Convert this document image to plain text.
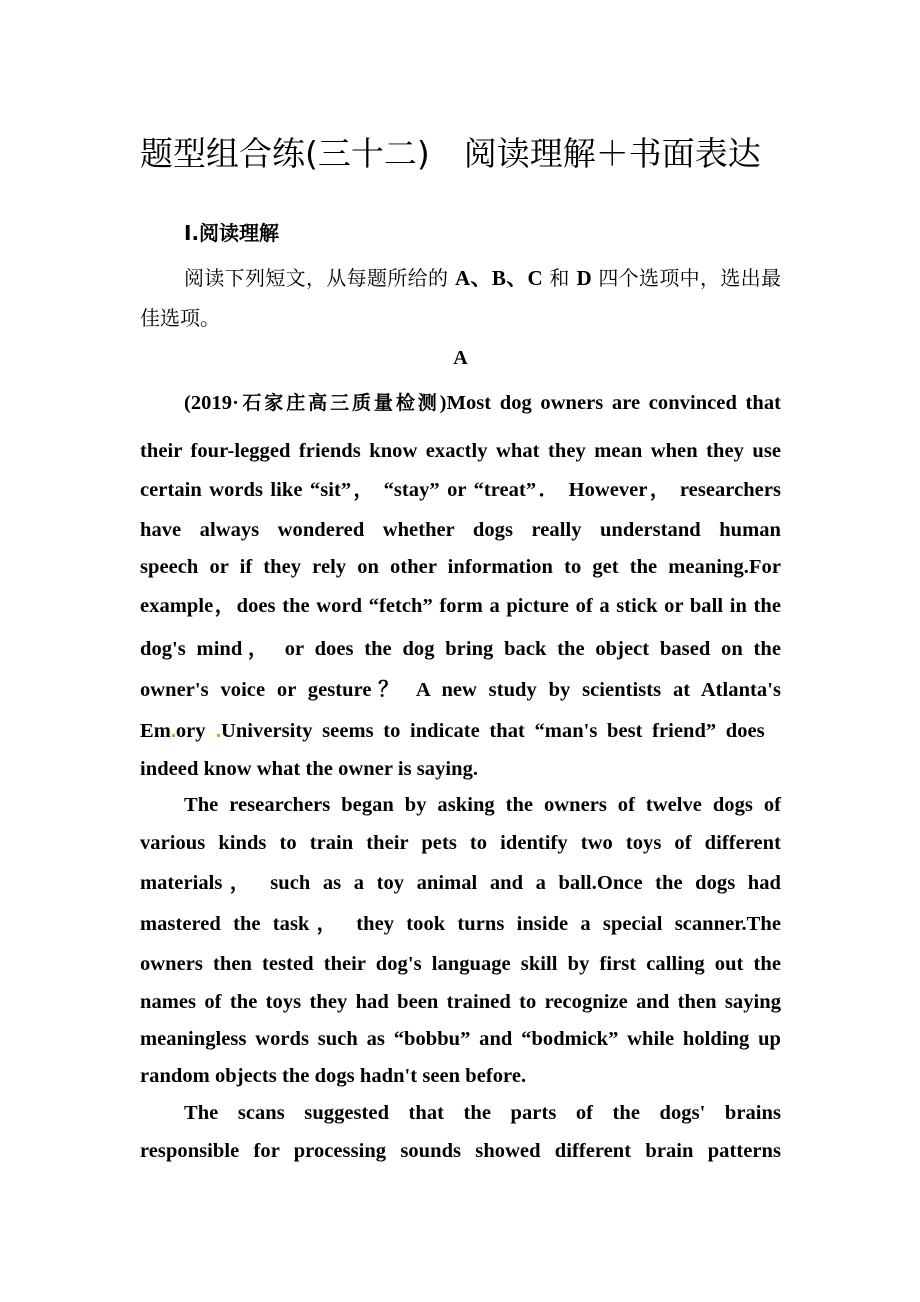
题型组合练(三十二) 阅读理解＋书面表达
Ⅰ.阅读理解
阅读下列短文，从每题所给的 A、B、C 和 D 四个选项中，选出最佳选项。
A
(2019·石家庄高三质量检测)Most dog owners are convinced that
their four-legged friends know exactly what they mean when they use
certain words like “sit”， “stay” or “treat”． However， researchers
have always wondered whether dogs really understand human
speech or if they rely on other information to get the meaning.For
example，does the word “fetch” form a picture of a stick or ball in the
dog's mind， or does the dog bring back the object based on the
owner's voice or gesture？ A new study by scientists at Atlanta's
Em ory University seems to indicate that “man's best friend” does
indeed know what the owner is saying.
The researchers began by asking the owners of twelve dogs of
various kinds to train their pets to identify two toys of different
materials， such as a toy animal and a ball.Once the dogs had
mastered the task， they took turns inside a special scanner.The
owners then tested their dog's language skill by first calling out the
names of the toys they had been trained to recognize and then saying
meaningless words such as “bobbu” and “bodmick” while holding up
random objects the dogs hadn't seen before.
The scans suggested that the parts of the dogs' brains
responsible for processing sounds showed different brain patterns
